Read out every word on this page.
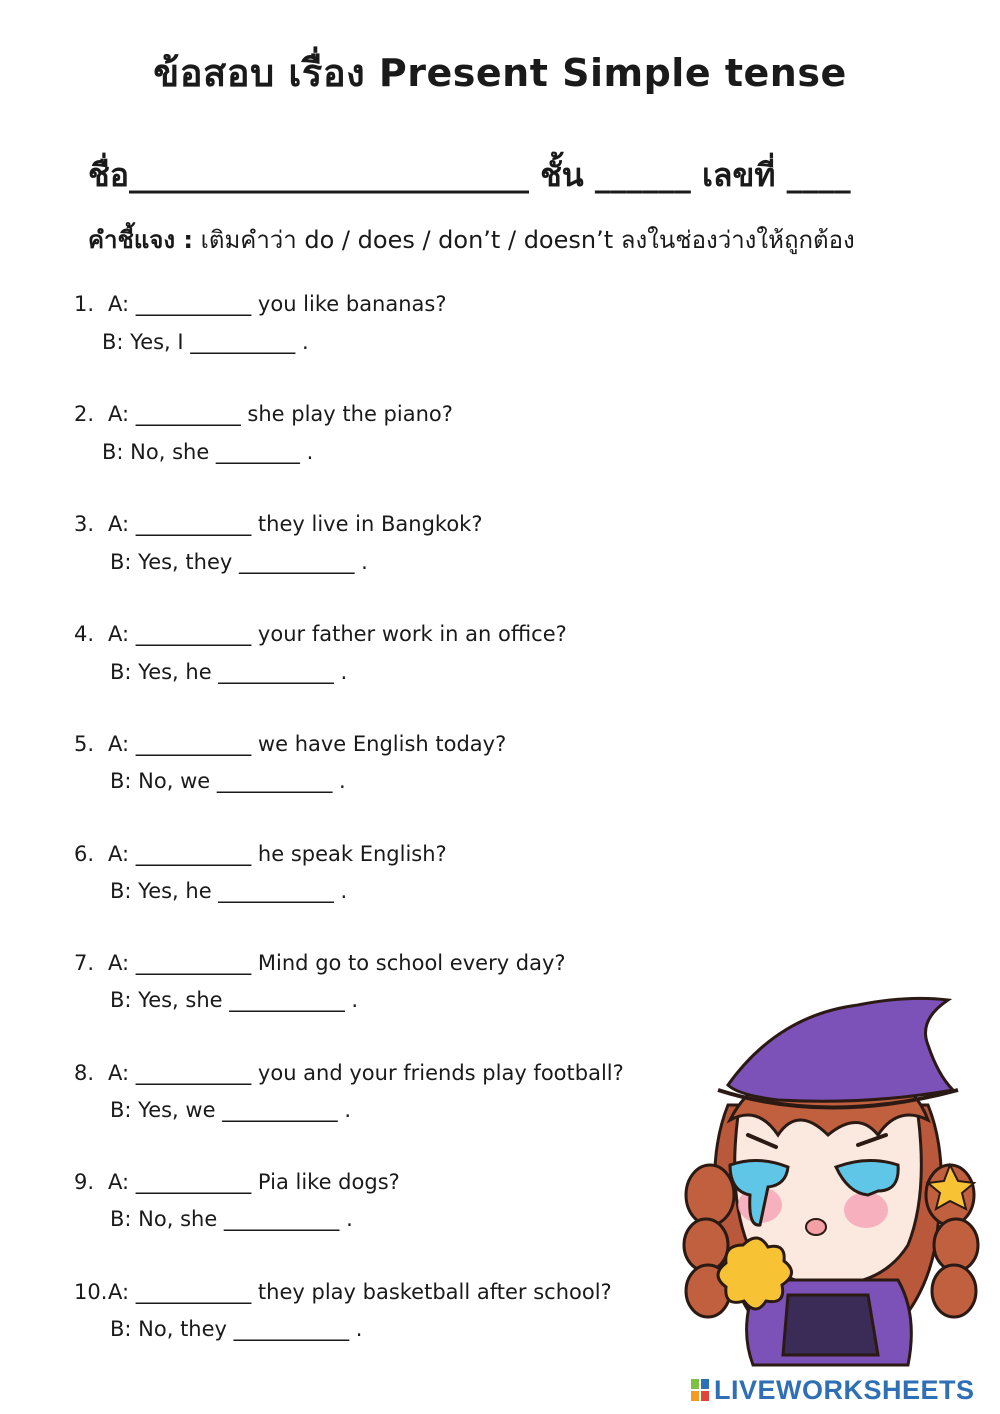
ข้อสอบ เรื่อง Present Simple tense
ชื่อ_________________________ ชั้น ______ เลขที่ ____
คำชี้แจง : เติมคำว่า do / does / don’t / doesn’t ลงในช่องว่างให้ถูกต้อง
1. A: ___________ you like bananas?
B: Yes, I __________ .
2. A: __________ she play the piano?
B: No, she ________ .
3. A: ___________ they live in Bangkok?
B: Yes, they ___________ .
4. A: ___________ your father work in an office?
B: Yes, he ___________ .
5. A: ___________ we have English today?
B: No, we ___________ .
6. A: ___________ he speak English?
B: Yes, he ___________ .
7. A: ___________ Mind go to school every day?
B: Yes, she ___________ .
8. A: ___________ you and your friends play football?
B: Yes, we ___________ .
9. A: ___________ Pia like dogs?
B: No, she ___________ .
10.A: ___________ they play basketball after school?
B: No, they ___________ .
LIVEWORKSHEETS
